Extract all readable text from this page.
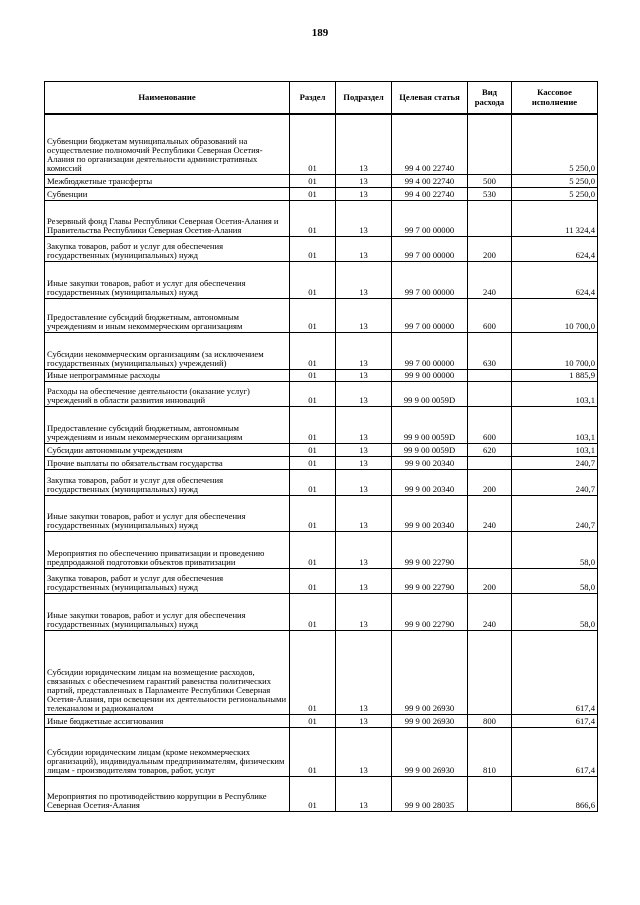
189
Наименование	Раздел	Подраздел	Целевая статья	Вид расхода	Кассовое исполнение
Субвенции бюджетам муниципальных образований на осуществление полномочий Республики Северная Осетия-Алания по организации деятельности административных комиссий	01	13	99 4 00 22740		5 250,0
Межбюджетные трансферты	01	13	99 4 00 22740	500	5 250,0
Субвенции	01	13	99 4 00 22740	530	5 250,0
Резервный фонд Главы Республики Северная Осетия-Алания и Правительства Республики Северная Осетия-Алания	01	13	99 7 00 00000		11 324,4
Закупка товаров, работ и услуг для обеспечения государственных (муниципальных) нужд	01	13	99 7 00 00000	200	624,4
Иные закупки товаров, работ и услуг для обеспечения государственных (муниципальных) нужд	01	13	99 7 00 00000	240	624,4
Предоставление субсидий бюджетным, автономным учреждениям и иным некоммерческим организациям	01	13	99 7 00 00000	600	10 700,0
Субсидии некоммерческим организациям (за исключением государственных (муниципальных) учреждений)	01	13	99 7 00 00000	630	10 700,0
Иные непрограммные расходы	01	13	99 9 00 00000		1 885,9
Расходы на обеспечение деятельности (оказание услуг) учреждений в области развития инноваций	01	13	99 9 00 0059D		103,1
Предоставление субсидий бюджетным, автономным учреждениям и иным некоммерческим организациям	01	13	99 9 00 0059D	600	103,1
Субсидии автономным учреждениям	01	13	99 9 00 0059D	620	103,1
Прочие выплаты по обязательствам государства	01	13	99 9 00 20340		240,7
Закупка товаров, работ и услуг для обеспечения государственных (муниципальных) нужд	01	13	99 9 00 20340	200	240,7
Иные закупки товаров, работ и услуг для обеспечения государственных (муниципальных) нужд	01	13	99 9 00 20340	240	240,7
Мероприятия по обеспечению приватизации и проведению предпродажной подготовки объектов приватизации	01	13	99 9 00 22790		58,0
Закупка товаров, работ и услуг для обеспечения государственных (муниципальных) нужд	01	13	99 9 00 22790	200	58,0
Иные закупки товаров, работ и услуг для обеспечения государственных (муниципальных) нужд	01	13	99 9 00 22790	240	58,0
Субсидии юридическим лицам на возмещение расходов, связанных с обеспечением гарантий равенства политических партий, представленных в Парламенте Республики Северная Осетия-Алания, при освещении их деятельности региональными телеканалом и радиоканалом	01	13	99 9 00 26930		617,4
Иные бюджетные ассигнования	01	13	99 9 00 26930	800	617,4
Субсидии юридическим лицам (кроме некоммерческих организаций), индивидуальным предпринимателям, физическим лицам - производителям товаров, работ, услуг	01	13	99 9 00 26930	810	617,4
Мероприятия по противодействию коррупции в Республике Северная Осетия-Алания	01	13	99 9 00 28035		866,6
